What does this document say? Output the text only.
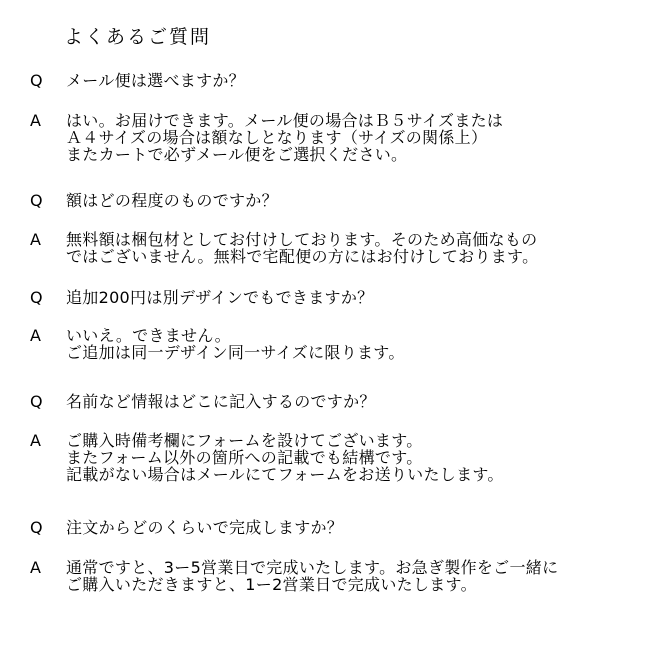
よくあるご質問
Q メール便は選べますか？
A はい。お届けできます。メール便の場合はＢ５サイズまたは
Ａ４サイズの場合は額なしとなります（サイズの関係上）
またカートで必ずメール便をご選択ください。
Q 額はどの程度のものですか？
A 無料額は梱包材としてお付けしております。そのため高価なもの
ではございません。無料で宅配便の方にはお付けしております。
Q 追加200円は別デザインでもできますか？
A いいえ。できません。
ご追加は同一デザイン同一サイズに限ります。
Q 名前など情報はどこに記入するのですか？
A ご購入時備考欄にフォームを設けてございます。
またフォーム以外の箇所への記載でも結構です。
記載がない場合はメールにてフォームをお送りいたします。
Q 注文からどのくらいで完成しますか？
A 通常ですと、3ー5営業日で完成いたします。お急ぎ製作をご一緒に
ご購入いただきますと、1ー2営業日で完成いたします。
